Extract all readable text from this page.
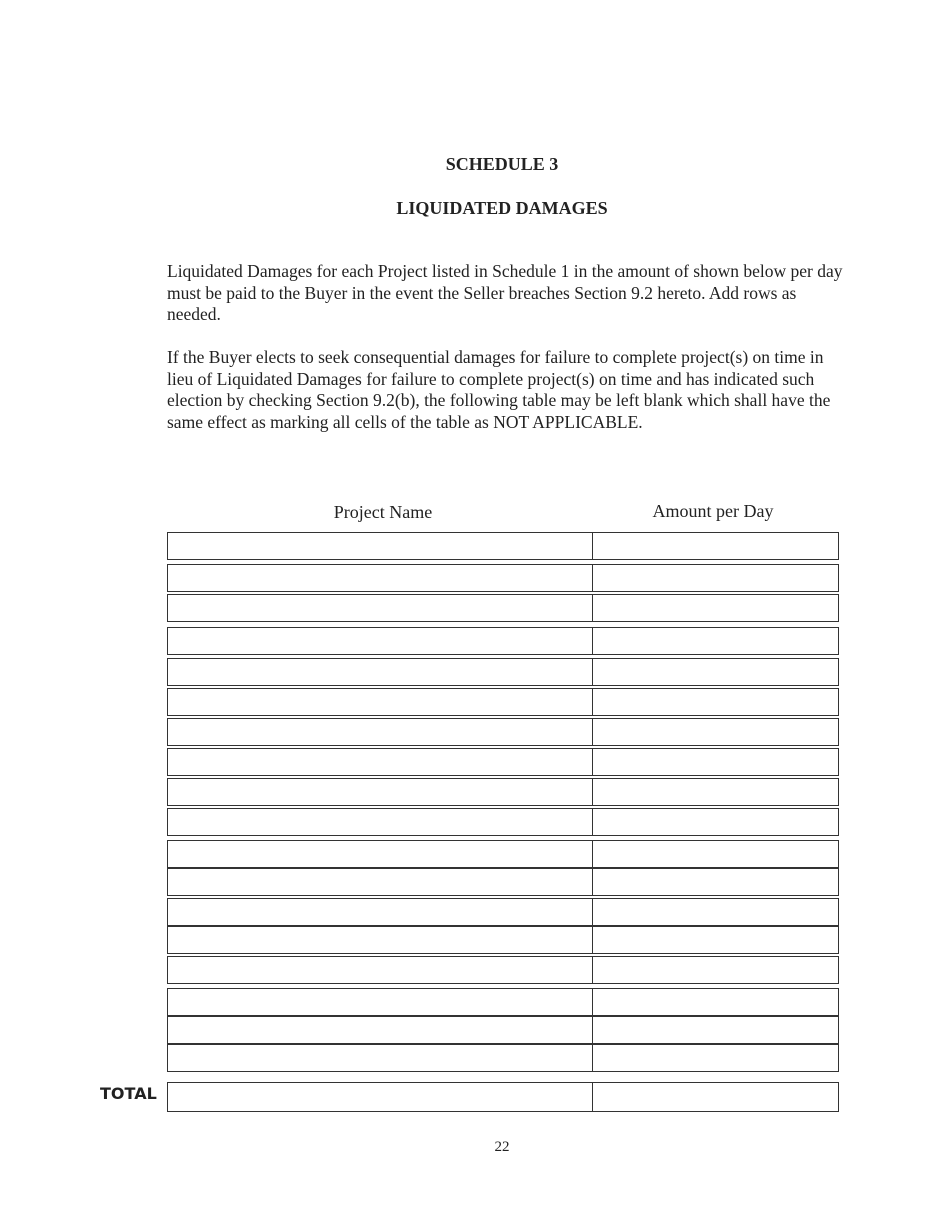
SCHEDULE 3
LIQUIDATED DAMAGES

Liquidated Damages for each Project listed in Schedule 1 in the amount of shown below per day must be paid to the Buyer in the event the Seller breaches Section 9.2 hereto. Add rows as needed.

If the Buyer elects to seek consequential damages for failure to complete project(s) on time in lieu of Liquidated Damages for failure to complete project(s) on time and has indicated such election by checking Section 9.2(b), the following table may be left blank which shall have the same effect as marking all cells of the table as NOT APPLICABLE.

Project Name	Amount per Day
TOTAL
22
